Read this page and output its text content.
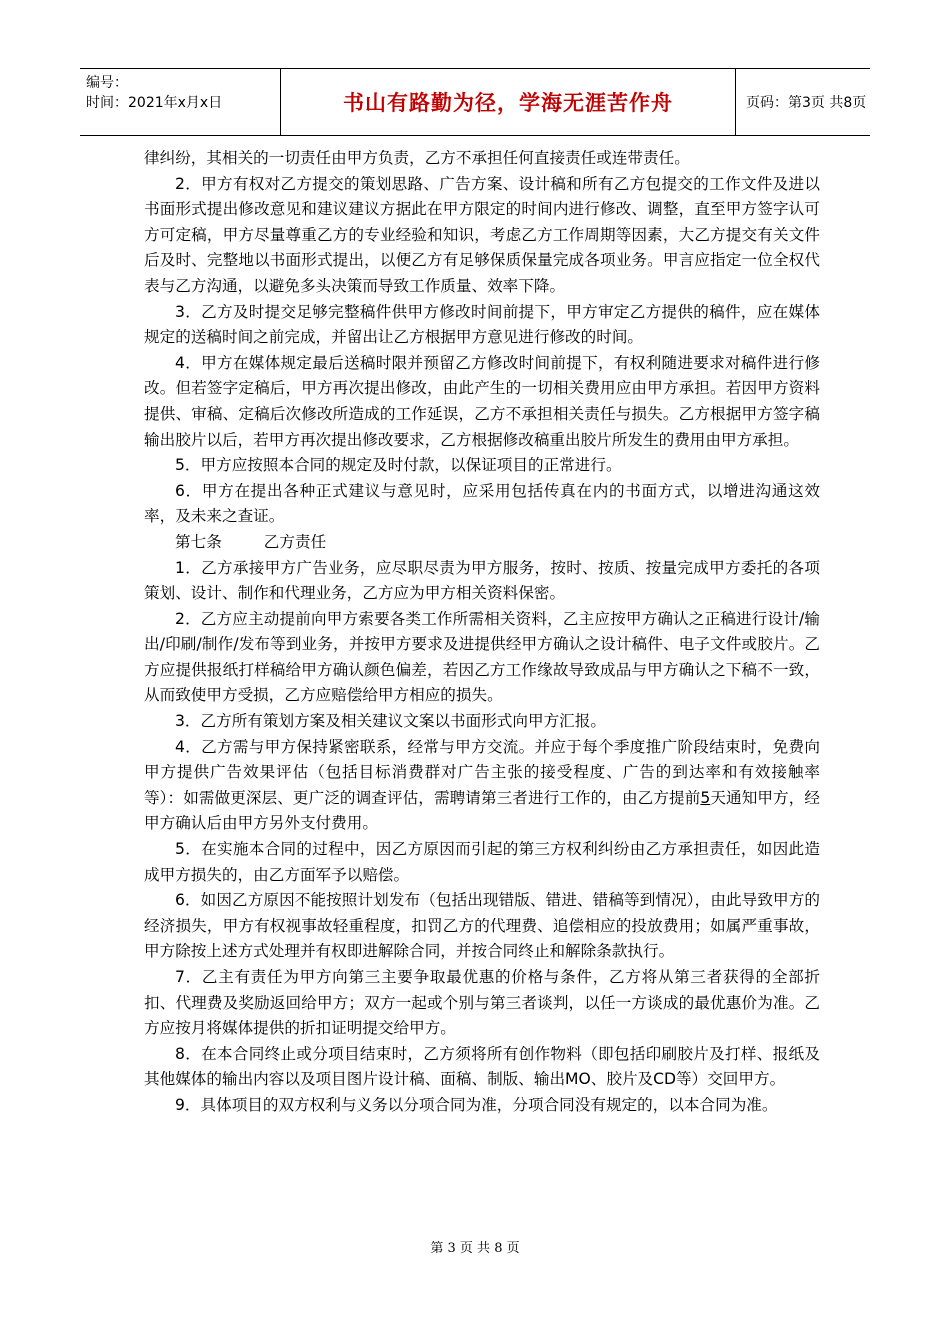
编号：
时间：2021年x月x日	书山有路勤为径，学海无涯苦作舟	页码：第3页 共8页

律纠纷，其相关的一切责任由甲方负责，乙方不承担任何直接责任或连带责任。

2．甲方有权对乙方提交的策划思路、广告方案、设计稿和所有乙方包提交的工作文件及进以书面形式提出修改意见和建议建议方据此在甲方限定的时间内进行修改、调整，直至甲方签字认可方可定稿，甲方尽量尊重乙方的专业经验和知识，考虑乙方工作周期等因素，大乙方提交有关文件后及时、完整地以书面形式提出，以便乙方有足够保质保量完成各项业务。甲言应指定一位全权代表与乙方沟通，以避免多头决策而导致工作质量、效率下降。

3．乙方及时提交足够完整稿件供甲方修改时间前提下，甲方审定乙方提供的稿件，应在媒体规定的送稿时间之前完成，并留出让乙方根据甲方意见进行修改的时间。

4．甲方在媒体规定最后送稿时限并预留乙方修改时间前提下，有权利随进要求对稿件进行修改。但若签字定稿后，甲方再次提出修改，由此产生的一切相关费用应由甲方承担。若因甲方资料提供、审稿、定稿后次修改所造成的工作延误，乙方不承担相关责任与损失。乙方根据甲方签字稿输出胶片以后，若甲方再次提出修改要求，乙方根据修改稿重出胶片所发生的费用由甲方承担。

5．甲方应按照本合同的规定及时付款，以保证项目的正常进行。

6．甲方在提出各种正式建议与意见时，应采用包括传真在内的书面方式，以增进沟通这效率，及未来之查证。

第七条	乙方责任

1．乙方承接甲方广告业务，应尽职尽责为甲方服务，按时、按质、按量完成甲方委托的各项策划、设计、制作和代理业务，乙方应为甲方相关资料保密。

2．乙方应主动提前向甲方索要各类工作所需相关资料，乙主应按甲方确认之正稿进行设计/输出/印刷/制作/发布等到业务，并按甲方要求及进提供经甲方确认之设计稿件、电子文件或胶片。乙方应提供报纸打样稿给甲方确认颜色偏差，若因乙方工作缘故导致成品与甲方确认之下稿不一致，从而致使甲方受损，乙方应赔偿给甲方相应的损失。

3．乙方所有策划方案及相关建议文案以书面形式向甲方汇报。

4．乙方需与甲方保持紧密联系，经常与甲方交流。并应于每个季度推广阶段结束时，免费向甲方提供广告效果评估（包括目标消费群对广告主张的接受程度、广告的到达率和有效接触率等）：如需做更深层、更广泛的调查评估，需聘请第三者进行工作的，由乙方提前5天通知甲方，经甲方确认后由甲方另外支付费用。

5．在实施本合同的过程中，因乙方原因而引起的第三方权利纠纷由乙方承担责任，如因此造成甲方损失的，由乙方面军予以赔偿。

6．如因乙方原因不能按照计划发布（包括出现错版、错进、错稿等到情况），由此导致甲方的经济损失，甲方有权视事故轻重程度，扣罚乙方的代理费、追偿相应的投放费用；如属严重事故，甲方除按上述方式处理并有权即进解除合同，并按合同终止和解除条款执行。

7．乙主有责任为甲方向第三主要争取最优惠的价格与条件，乙方将从第三者获得的全部折扣、代理费及奖励返回给甲方；双方一起或个别与第三者谈判，以任一方谈成的最优惠价为准。乙方应按月将媒体提供的折扣证明提交给甲方。

8．在本合同终止或分项目结束时，乙方须将所有创作物料（即包括印刷胶片及打样、报纸及其他媒体的输出内容以及项目图片设计稿、面稿、制版、输出MO、胶片及CD等）交回甲方。

9．具体项目的双方权利与义务以分项合同为准，分项合同没有规定的，以本合同为准。

第 3 页 共 8 页
